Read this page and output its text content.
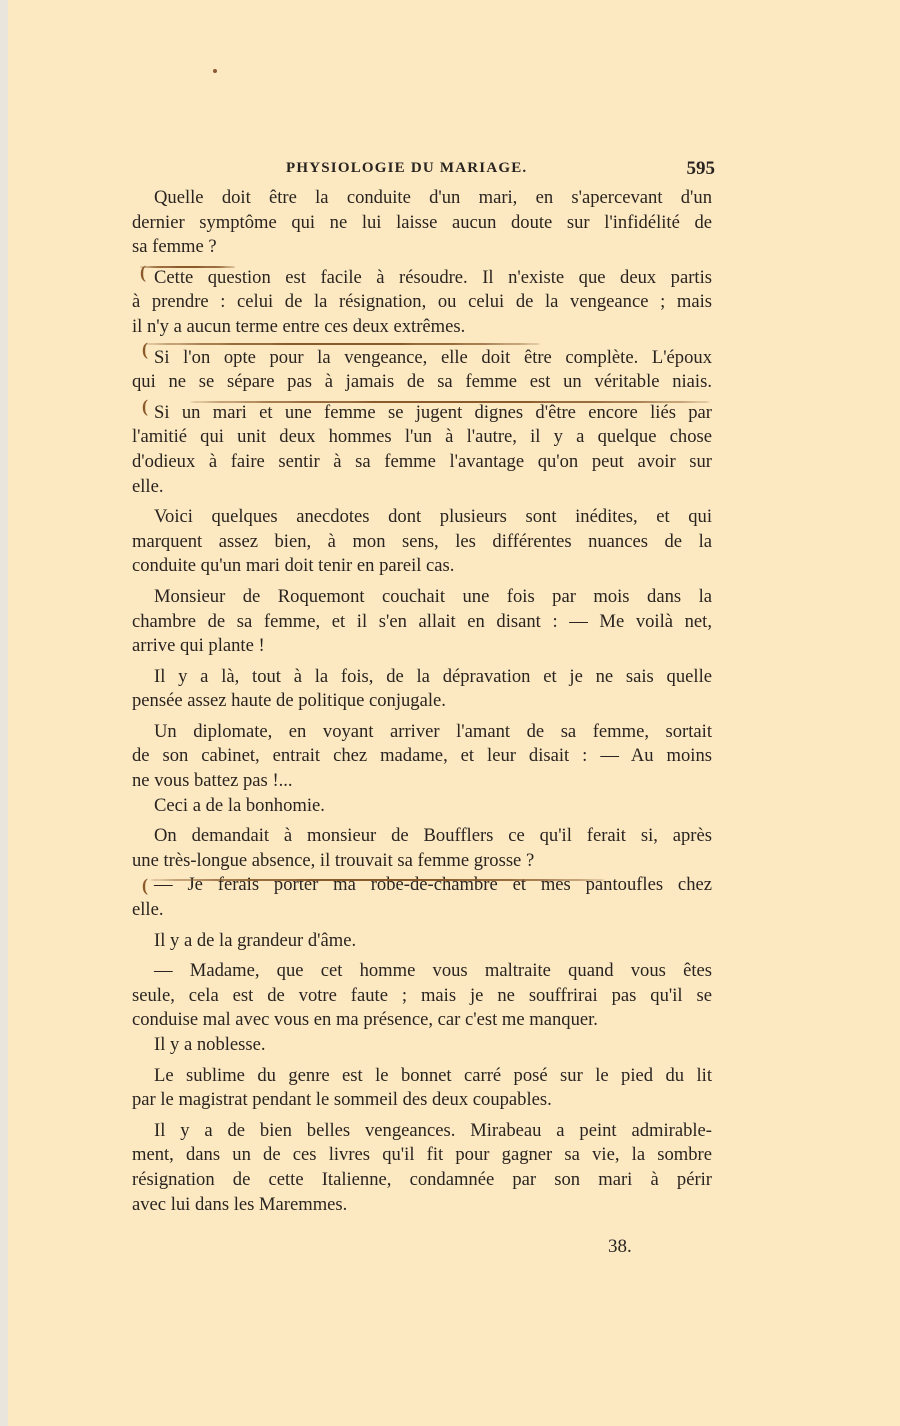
PHYSIOLOGIE DU MARIAGE.	595
Quelle doit être la conduite d'un mari, en s'apercevant d'un
dernier symptôme qui ne lui laisse aucun doute sur l'infidélité de
sa femme ?
Cette question est facile à résoudre. Il n'existe que deux partis
à prendre : celui de la résignation, ou celui de la vengeance ; mais
il n'y a aucun terme entre ces deux extrêmes.
Si l'on opte pour la vengeance, elle doit être complète. L'époux
qui ne se sépare pas à jamais de sa femme est un véritable niais.
Si un mari et une femme se jugent dignes d'être encore liés par
l'amitié qui unit deux hommes l'un à l'autre, il y a quelque chose
d'odieux à faire sentir à sa femme l'avantage qu'on peut avoir sur
elle.
Voici quelques anecdotes dont plusieurs sont inédites, et qui
marquent assez bien, à mon sens, les différentes nuances de la
conduite qu'un mari doit tenir en pareil cas.
Monsieur de Roquemont couchait une fois par mois dans la
chambre de sa femme, et il s'en allait en disant : — Me voilà net,
arrive qui plante !
Il y a là, tout à la fois, de la dépravation et je ne sais quelle
pensée assez haute de politique conjugale.
Un diplomate, en voyant arriver l'amant de sa femme, sortait
de son cabinet, entrait chez madame, et leur disait : — Au moins
ne vous battez pas !...
Ceci a de la bonhomie.
On demandait à monsieur de Boufflers ce qu'il ferait si, après
une très-longue absence, il trouvait sa femme grosse ?
— Je ferais porter ma robe-de-chambre et mes pantoufles chez
elle.
Il y a de la grandeur d'âme.
— Madame, que cet homme vous maltraite quand vous êtes
seule, cela est de votre faute ; mais je ne souffrirai pas qu'il se
conduise mal avec vous en ma présence, car c'est me manquer.
Il y a noblesse.
Le sublime du genre est le bonnet carré posé sur le pied du lit
par le magistrat pendant le sommeil des deux coupables.
Il y a de bien belles vengeances. Mirabeau a peint admirable-
ment, dans un de ces livres qu'il fit pour gagner sa vie, la sombre
résignation de cette Italienne, condamnée par son mari à périr
avec lui dans les Maremmes.
(
(
(
(
38.
